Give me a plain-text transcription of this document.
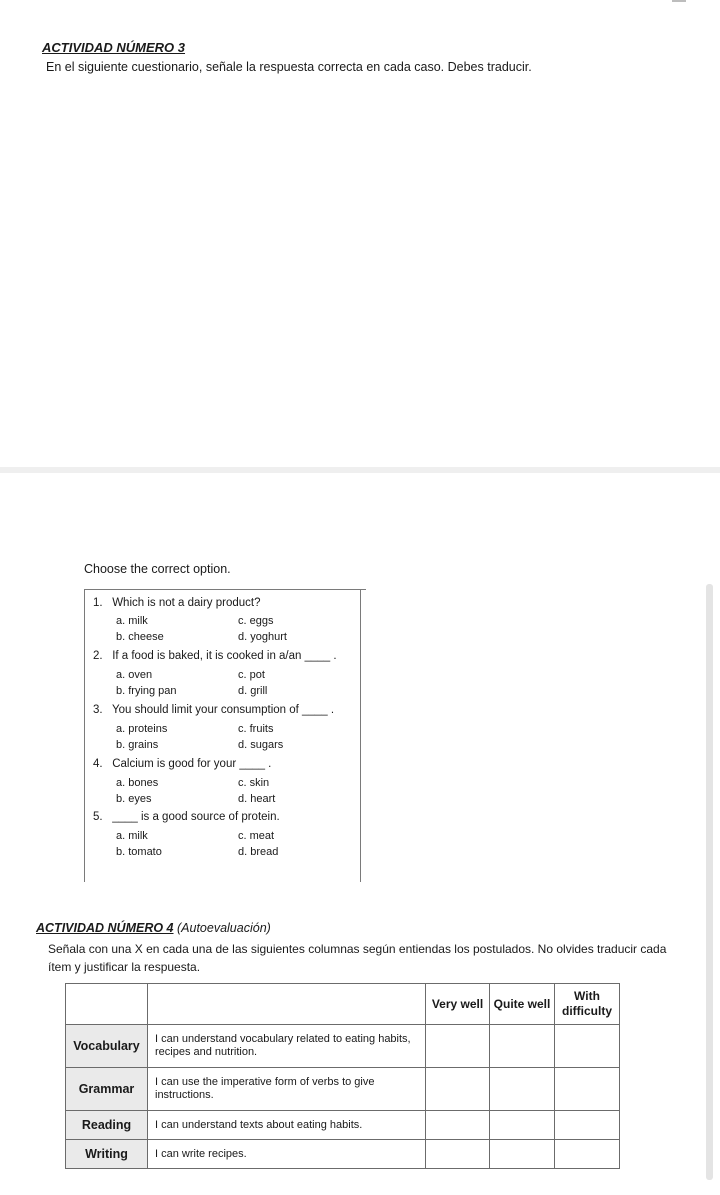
ACTIVIDAD NÚMERO 3
En el siguiente cuestionario, señale la respuesta correcta en cada caso. Debes traducir.
Choose the correct option.
1. Which is not a dairy product?
a. milk
b. cheese
c. eggs
d. yoghurt
2. If a food is baked, it is cooked in a/an ____ .
a. oven
b. frying pan
c. pot
d. grill
3. You should limit your consumption of ____ .
a. proteins
b. grains
c. fruits
d. sugars
4. Calcium is good for your ____ .
a. bones
b. eyes
c. skin
d. heart
5. ____ is a good source of protein.
a. milk
b. tomato
c. meat
d. bread
ACTIVIDAD NÚMERO 4 (Autoevaluación)
Señala con una X en cada una de las siguientes columnas según entiendas los postulados. No olvides traducir cada ítem y justificar la respuesta.
		Very well	Quite well	With difficulty
Vocabulary	I can understand vocabulary related to eating habits, recipes and nutrition.			
Grammar	I can use the imperative form of verbs to give instructions.			
Reading	I can understand texts about eating habits.			
Writing	I can write recipes.			
